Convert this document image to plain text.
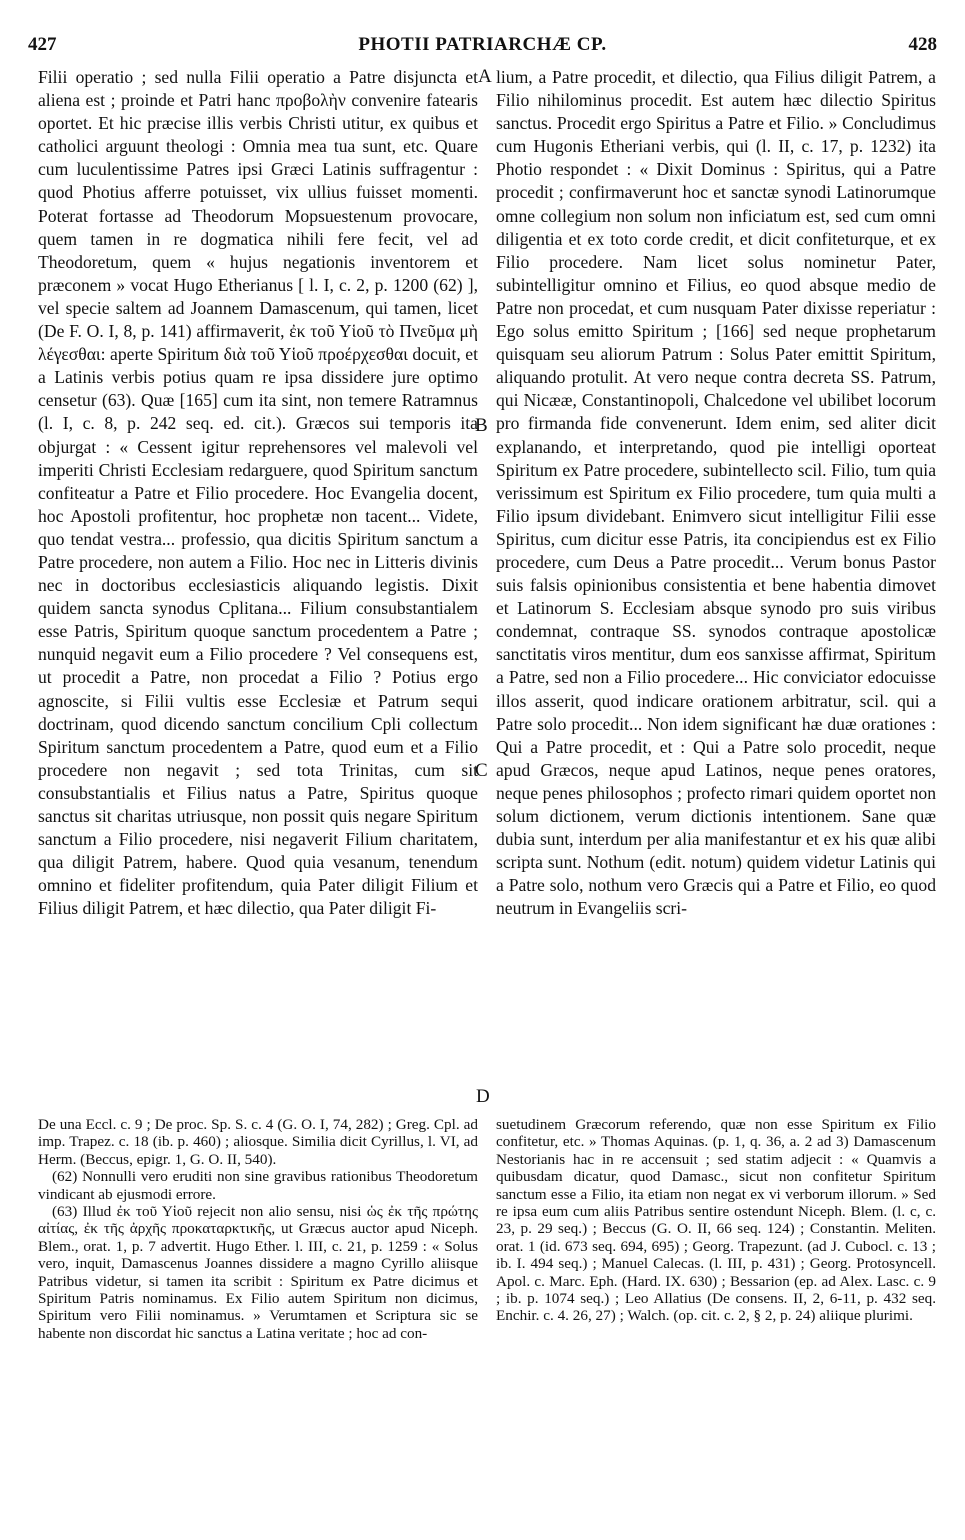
427	PHOTII PATRIARCHÆ CP.	428

Filii operatio ; sed nulla Filii operatio a Patre disjuncta et aliena est ; proinde et Patri hanc προβολὴν convenire fatearis oportet. Et hic præcise illis verbis Christi utitur, ex quibus et catholici arguunt theologi : Omnia mea tua sunt, etc. Quare cum luculentissime Patres ipsi Græci Latinis suffragentur : quod Photius afferre potuisset, vix ullius fuisset momenti. Poterat fortasse ad Theodorum Mopsuestenum provocare, quem tamen in re dogmatica nihili fere fecit, vel ad Theodoretum, quem « hujus negationis inventorem et præconem » vocat Hugo Etherianus [ l. I, c. 2, p. 1200 (62) ], vel specie saltem ad Joannem Damascenum, qui tamen, licet (De F. O. I, 8, p. 141) affirmaverit, ἐκ τοῦ Υἱοῦ τὸ Πνεῦμα μὴ λέγεσθαι: aperte Spiritum διὰ τοῦ Υἱοῦ προέρχεσθαι docuit, et a Latinis verbis potius quam re ipsa dissidere jure optimo censetur (63). Quæ [165] cum ita sint, non temere Ratramnus (l. I, c. 8, p. 242 seq. ed. cit.). Græcos sui temporis ita objurgat : « Cessent igitur reprehensores vel malevoli vel imperiti Christi Ecclesiam redarguere, quod Spiritum sanctum confiteatur a Patre et Filio procedere. Hoc Evangelia docent, hoc Apostoli profitentur, hoc prophetæ non tacent... Videte, quo tendat vestra... professio, qua dicitis Spiritum sanctum a Patre procedere, non autem a Filio. Hoc nec in Litteris divinis nec in doctoribus ecclesiasticis aliquando legistis. Dixit quidem sancta synodus Cplitana... Filium consubstantialem esse Patris, Spiritum quoque sanctum procedentem a Patre ; nunquid negavit eum a Filio procedere ? Vel consequens est, ut procedit a Patre, non procedat a Filio ? Potius ergo agnoscite, si Filii vultis esse Ecclesiæ et Patrum sequi doctrinam, quod dicendo sanctum concilium Cpli collectum Spiritum sanctum procedentem a Patre, quod eum et a Filio procedere non negavit ; sed tota Trinitas, cum sit consubstantialis et Filius natus a Patre, Spiritus quoque sanctus sit charitas utriusque, non possit quis negare Spiritum sanctum a Filio procedere, nisi negaverit Filium charitatem, qua diligit Patrem, habere. Quod quia vesanum, tenendum omnino et fideliter profitendum, quia Pater diligit Filium et Filius diligit Patrem, et hæc dilectio, qua Pater diligit Fi-

lium, a Patre procedit, et dilectio, qua Filius diligit Patrem, a Filio nihilominus procedit. Est autem hæc dilectio Spiritus sanctus. Procedit ergo Spiritus a Patre et Filio. » Concludimus cum Hugonis Etheriani verbis, qui (l. II, c. 17, p. 1232) ita Photio respondet : « Dixit Dominus : Spiritus, qui a Patre procedit ; confirmaverunt hoc et sanctæ synodi Latinorumque omne collegium non solum non inficiatum est, sed cum omni diligentia et ex toto corde credit, et dicit confiteturque, et ex Filio procedere. Nam licet solus nominetur Pater, subintelligitur omnino et Filius, eo quod absque medio de Patre non procedat, et cum nusquam Pater dixisse reperiatur : Ego solus emitto Spiritum ; [166] sed neque prophetarum quisquam seu aliorum Patrum : Solus Pater emittit Spiritum, aliquando protulit. At vero neque contra decreta SS. Patrum, qui Nicææ, Constantinopoli, Chalcedone vel ubilibet locorum pro firmanda fide convenerunt. Idem enim, sed aliter dicit explanando, et interpretando, quod pie intelligi oporteat Spiritum ex Patre procedere, subintellecto scil. Filio, tum quia verissimum est Spiritum ex Filio procedere, tum quia multi a Filio ipsum dividebant. Enimvero sicut intelligitur Filii esse Spiritus, cum dicitur esse Patris, ita concipiendus est ex Filio procedere, cum Deus a Patre procedit... Verum bonus Pastor suis falsis opinionibus consistentia et bene habentia dimovet et Latinorum S. Ecclesiam absque synodo pro suis viribus condemnat, contraque SS. synodos contraque apostolicæ sanctitatis viros mentitur, dum eos sanxisse affirmat, Spiritum a Patre, sed non a Filio procedere... Hic conviciator edocuisse illos asserit, quod indicare orationem arbitratur, scil. qui a Patre solo procedit... Non idem significant hæ duæ orationes : Qui a Patre procedit, et : Qui a Patre solo procedit, neque apud Græcos, neque apud Latinos, neque penes oratores, neque penes philosophos ; profecto rimari quidem oportet non solum dictionem, verum dictionis intentionem. Sane quæ dubia sunt, interdum per alia manifestantur et ex his quæ alibi scripta sunt. Nothum (edit. notum) quidem videtur Latinis qui a Patre solo, nothum vero Græcis qui a Patre et Filio, eo quod neutrum in Evangeliis scri-

A
B
C
D

De una Eccl. c. 9 ; De proc. Sp. S. c. 4 (G. O. I, 74, 282) ; Greg. Cpl. ad imp. Trapez. c. 18 (ib. p. 460) ; aliosque. Similia dicit Cyrillus, l. VI, ad Herm. (Beccus, epigr. 1, G. O. II, 540).

(62) Nonnulli vero eruditi non sine gravibus rationibus Theodoretum vindicant ab ejusmodi errore.

(63) Illud ἐκ τοῦ Υἱοῦ rejecit non alio sensu, nisi ὡς ἐκ τῆς πρώτης αἰτίας, ἐκ τῆς ἀρχῆς προκαταρκτικῆς, ut Græcus auctor apud Niceph. Blem., orat. 1, p. 7 advertit. Hugo Ether. l. III, c. 21, p. 1259 : « Solus vero, inquit, Damascenus Joannes dissidere a magno Cyrillo aliisque Patribus videtur, si tamen ita scribit : Spiritum ex Patre dicimus et Spiritum Patris nominamus. Ex Filio autem Spiritum non dicimus, Spiritum vero Filii nominamus. » Verumtamen et Scriptura sic se habente non discordat hic sanctus a Latina veritate ; hoc ad con-

suetudinem Græcorum referendo, quæ non esse Spiritum ex Filio confitetur, etc. » Thomas Aquinas. (p. 1, q. 36, a. 2 ad 3) Damascenum Nestorianis hac in re accensuit ; sed statim adjecit : « Quamvis a quibusdam dicatur, quod Damasc., sicut non confitetur Spiritum sanctum esse a Filio, ita etiam non negat ex vi verborum illorum. » Sed re ipsa eum cum aliis Patribus sentire ostendunt Niceph. Blem. (l. c, c. 23, p. 29 seq.) ; Beccus (G. O. II, 66 seq. 124) ; Constantin. Meliten. orat. 1 (id. 673 seq. 694, 695) ; Georg. Trapezunt. (ad J. Cubocl. c. 13 ; ib. I. 494 seq.) ; Manuel Calecas. (l. III, p. 431) ; Georg. Protosyncell. Apol. c. Marc. Eph. (Hard. IX. 630) ; Bessarion (ep. ad Alex. Lasc. c. 9 ; ib. p. 1074 seq.) ; Leo Allatius (De consens. II, 2, 6-11, p. 432 seq. Enchir. c. 4. 26, 27) ; Walch. (op. cit. c. 2, § 2, p. 24) aliique plurimi.
